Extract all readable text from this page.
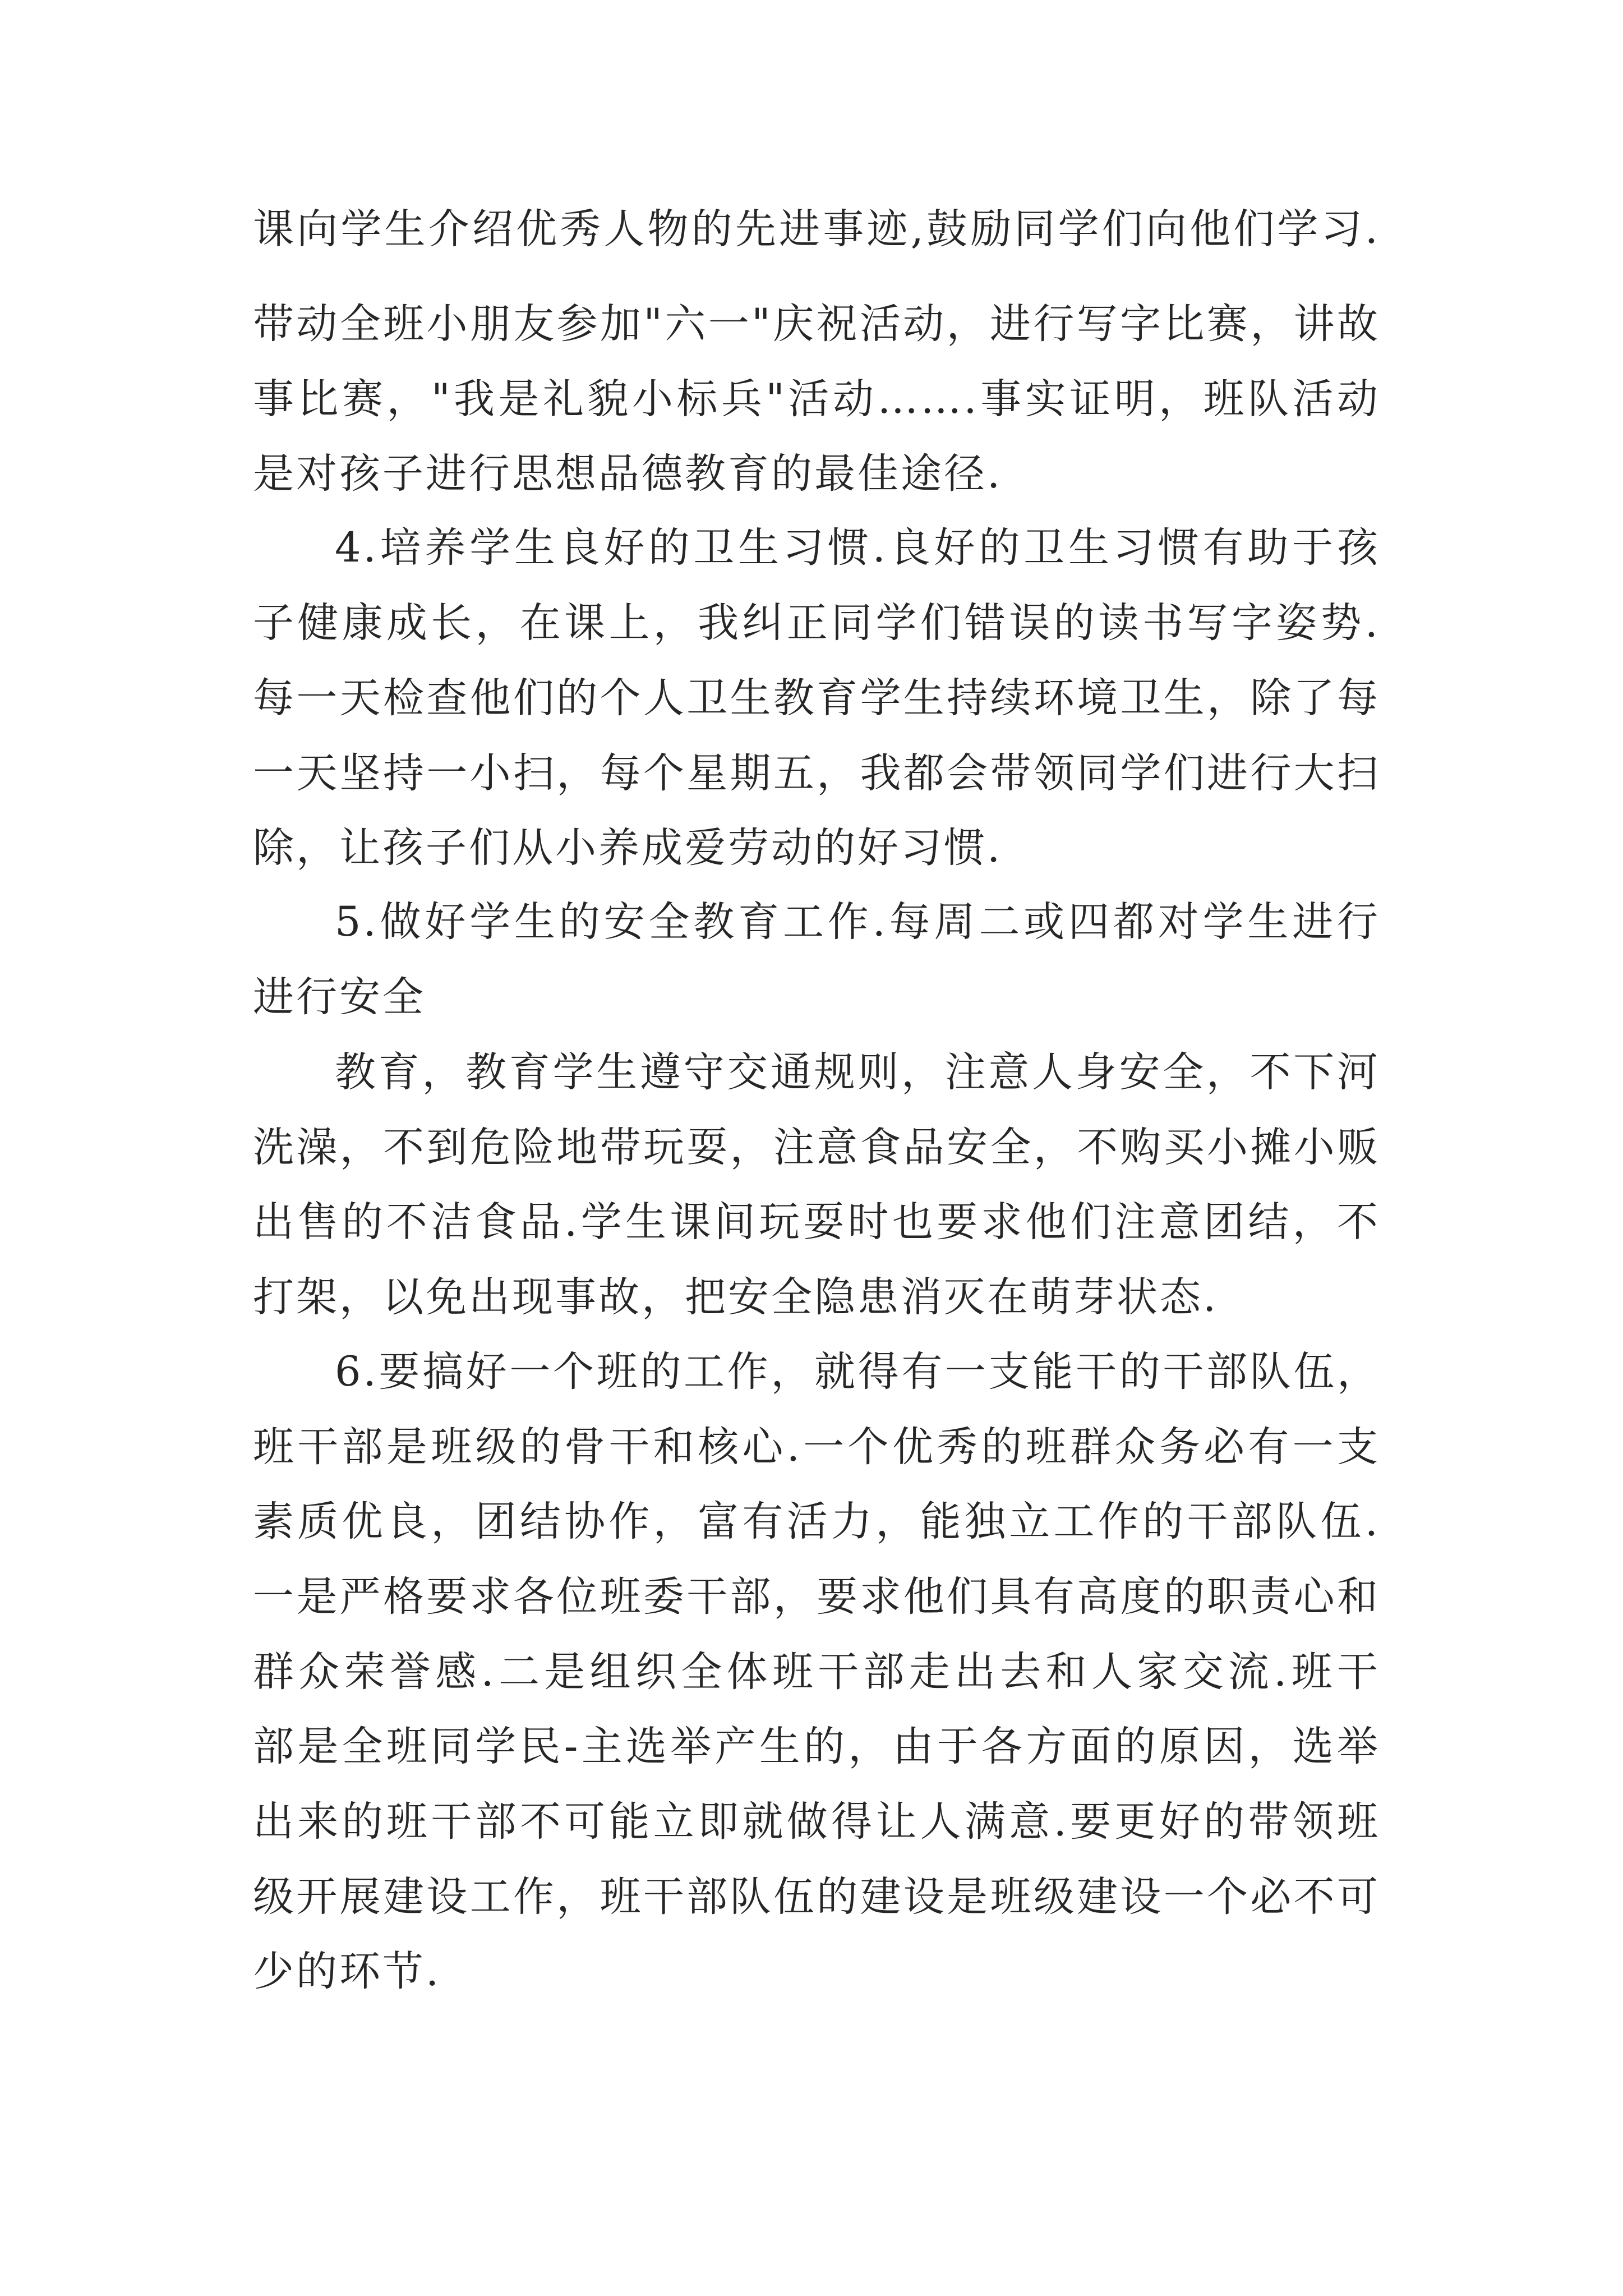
课向学生介绍优秀人物的先进事迹,鼓励同学们向他们学习.
带动全班小朋友参加"六一"庆祝活动，进行写字比赛，讲故
事比赛，"我是礼貌小标兵"活动…….事实证明，班队活动
是对孩子进行思想品德教育的最佳途径.
4.培养学生良好的卫生习惯.良好的卫生习惯有助于孩
子健康成长，在课上，我纠正同学们错误的读书写字姿势.
每一天检查他们的个人卫生教育学生持续环境卫生，除了每
一天坚持一小扫，每个星期五，我都会带领同学们进行大扫
除，让孩子们从小养成爱劳动的好习惯.
5.做好学生的安全教育工作.每周二或四都对学生进行
进行安全
教育，教育学生遵守交通规则，注意人身安全，不下河
洗澡，不到危险地带玩耍，注意食品安全，不购买小摊小贩
出售的不洁食品.学生课间玩耍时也要求他们注意团结，不
打架，以免出现事故，把安全隐患消灭在萌芽状态.
6.要搞好一个班的工作，就得有一支能干的干部队伍，
班干部是班级的骨干和核心.一个优秀的班群众务必有一支
素质优良，团结协作，富有活力，能独立工作的干部队伍.
一是严格要求各位班委干部，要求他们具有高度的职责心和
群众荣誉感.二是组织全体班干部走出去和人家交流.班干
部是全班同学民-主选举产生的，由于各方面的原因，选举
出来的班干部不可能立即就做得让人满意.要更好的带领班
级开展建设工作，班干部队伍的建设是班级建设一个必不可
少的环节.
